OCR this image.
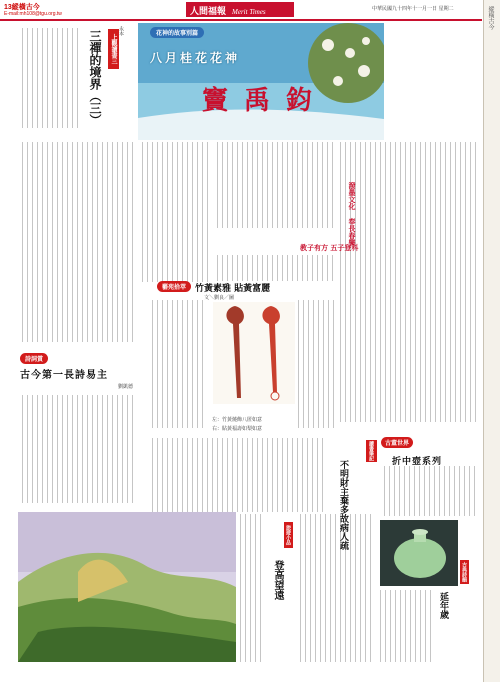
13縱橫古今
E-mail:mh108@tgu.org.tw	人間福報 Merit Times	中華民國九十四年十一月一日 星期二	縱橫古今
上觀讀書三
三禪的境界（三）	永本
詩詞賞
古今第一長詩易主
劉凱德
花神的故事別篇
八月桂花花神
竇禹鈞
潑墨文化 奉長春樂
教子有方 五子登科
藝苑拾萃 竹黃素雅 貼黃富麗
文＼劉良／圖
左：竹黃燒飾八匿如意
右：貼黃福壽如梨如意
讀書筆記
不明財主棄多故病人疏
古董世界
折中壺系列
古典詩韻
延年歲
旅遊小品
登高望遠
